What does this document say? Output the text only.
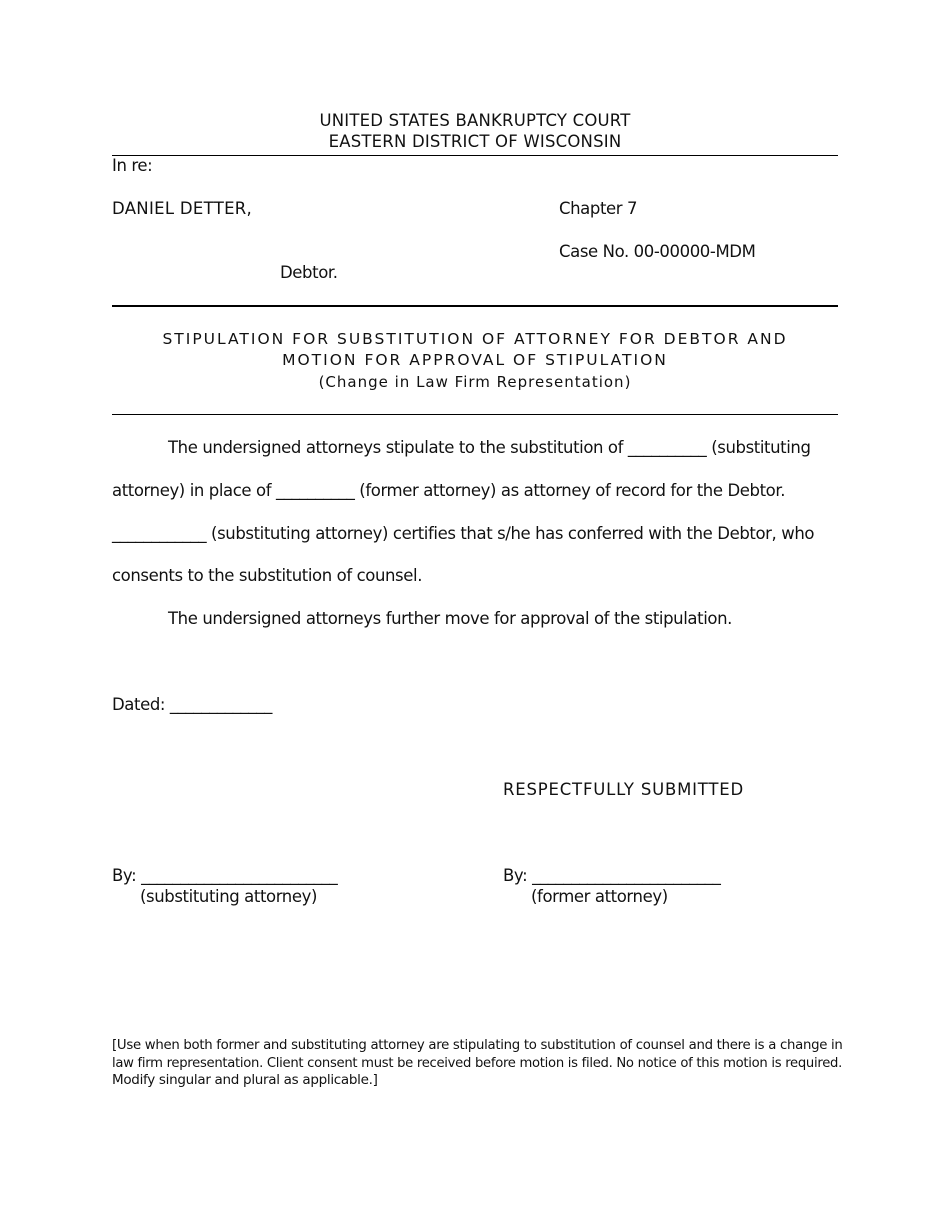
UNITED STATES BANKRUPTCY COURT
EASTERN DISTRICT OF WISCONSIN
In re:
DANIEL DETTER,	Chapter 7
Case No. 00-00000-MDM
Debtor.
STIPULATION FOR SUBSTITUTION OF ATTORNEY FOR DEBTOR AND
MOTION FOR APPROVAL OF STIPULATION
(Change in Law Firm Representation)
The undersigned attorneys stipulate to the substitution of __________ (substituting
attorney) in place of __________ (former attorney) as attorney of record for the Debtor.
____________ (substituting attorney) certifies that s/he has conferred with the Debtor, who
consents to the substitution of counsel.
The undersigned attorneys further move for approval of the stipulation.
Dated: _____________
RESPECTFULLY SUBMITTED
By: _________________________
(substituting attorney)
By: ________________________
(former attorney)
[Use when both former and substituting attorney are stipulating to substitution of counsel and there is a change in
law firm representation. Client consent must be received before motion is filed. No notice of this motion is required.
Modify singular and plural as applicable.]
